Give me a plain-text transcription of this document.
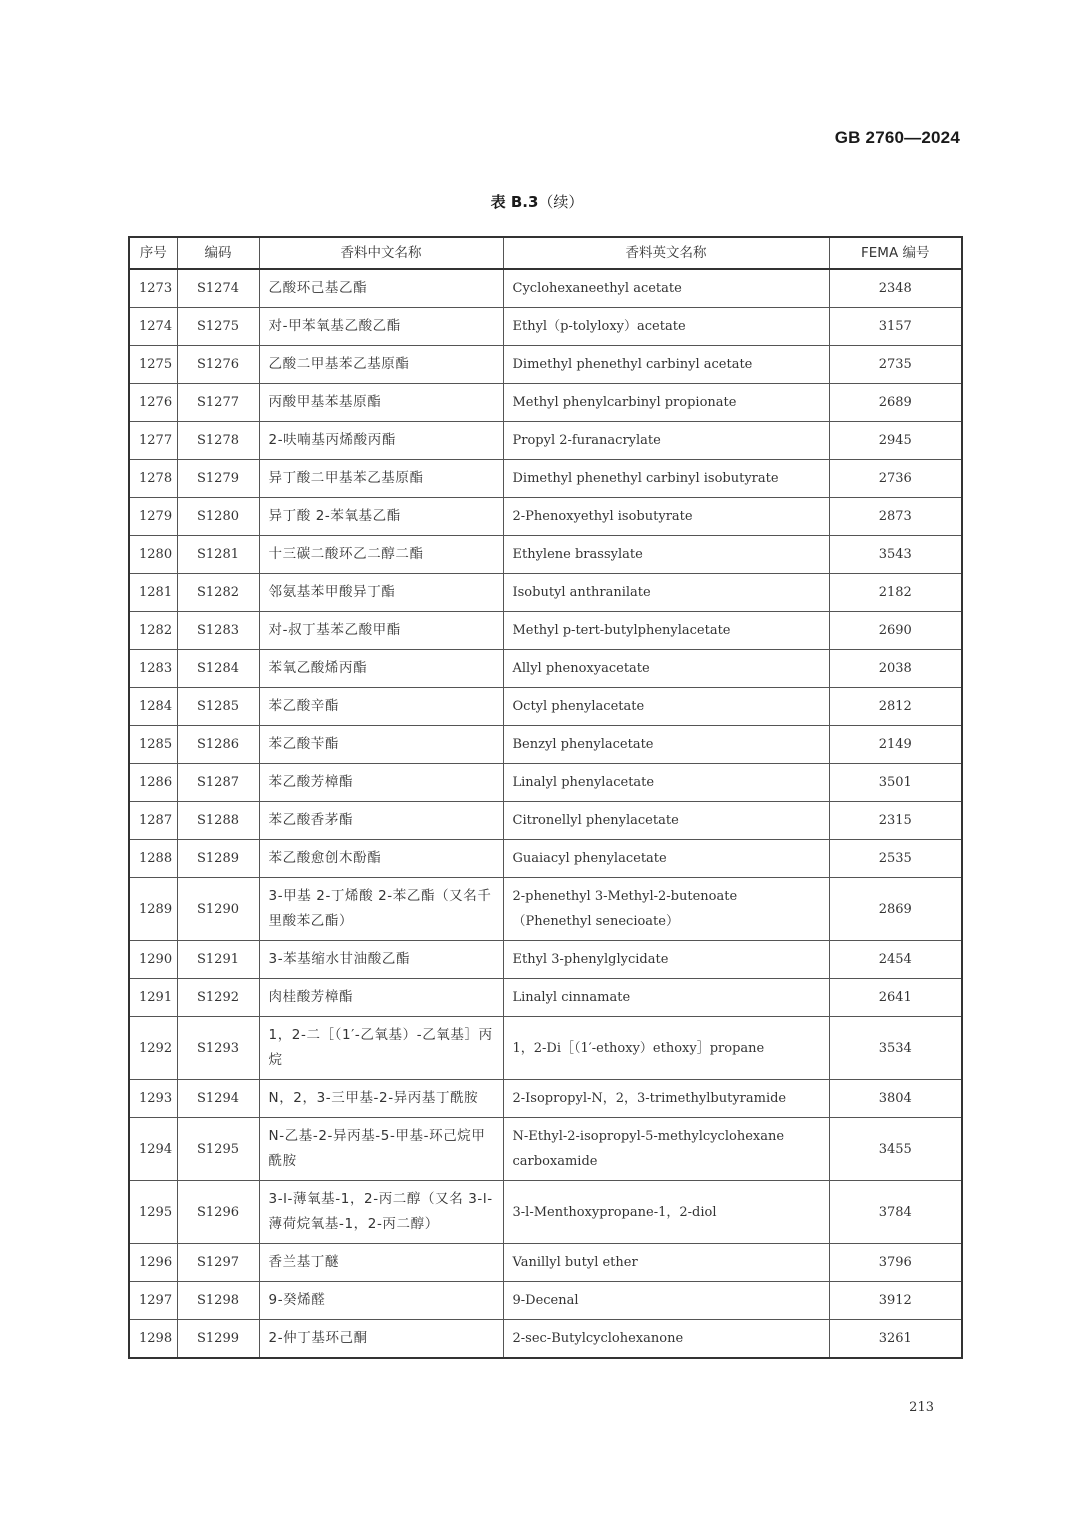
GB 2760—2024
表 B.3（续）
序号	编码	香料中文名称	香料英文名称	FEMA 编号
1273	S1274	乙酸环己基乙酯	Cyclohexaneethyl acetate	2348
1274	S1275	对-甲苯氧基乙酸乙酯	Ethyl（p-tolyloxy）acetate	3157
1275	S1276	乙酸二甲基苯乙基原酯	Dimethyl phenethyl carbinyl acetate	2735
1276	S1277	丙酸甲基苯基原酯	Methyl phenylcarbinyl propionate	2689
1277	S1278	2-呋喃基丙烯酸丙酯	Propyl 2-furanacrylate	2945
1278	S1279	异丁酸二甲基苯乙基原酯	Dimethyl phenethyl carbinyl isobutyrate	2736
1279	S1280	异丁酸 2-苯氧基乙酯	2-Phenoxyethyl isobutyrate	2873
1280	S1281	十三碳二酸环乙二醇二酯	Ethylene brassylate	3543
1281	S1282	邻氨基苯甲酸异丁酯	Isobutyl anthranilate	2182
1282	S1283	对-叔丁基苯乙酸甲酯	Methyl p-tert-butylphenylacetate	2690
1283	S1284	苯氧乙酸烯丙酯	Allyl phenoxyacetate	2038
1284	S1285	苯乙酸辛酯	Octyl phenylacetate	2812
1285	S1286	苯乙酸苄酯	Benzyl phenylacetate	2149
1286	S1287	苯乙酸芳樟酯	Linalyl phenylacetate	3501
1287	S1288	苯乙酸香茅酯	Citronellyl phenylacetate	2315
1288	S1289	苯乙酸愈创木酚酯	Guaiacyl phenylacetate	2535
1289	S1290	3-甲基 2-丁烯酸 2-苯乙酯（又名千里酸苯乙酯）	2-phenethyl 3-Methyl-2-butenoate （Phenethyl senecioate）	2869
1290	S1291	3-苯基缩水甘油酸乙酯	Ethyl 3-phenylglycidate	2454
1291	S1292	肉桂酸芳樟酯	Linalyl cinnamate	2641
1292	S1293	1，2-二［（1′-乙氧基）-乙氧基］丙烷	1，2-Di［（1′-ethoxy）ethoxy］propane	3534
1293	S1294	N，2，3-三甲基-2-异丙基丁酰胺	2-Isopropyl-N，2，3-trimethylbutyramide	3804
1294	S1295	N-乙基-2-异丙基-5-甲基-环己烷甲酰胺	N-Ethyl-2-isopropyl-5-methylcyclohexane carboxamide	3455
1295	S1296	3-l-薄氧基-1，2-丙二醇（又名 3-l-薄荷烷氧基-1，2-丙二醇）	3-l-Menthoxypropane-1，2-diol	3784
1296	S1297	香兰基丁醚	Vanillyl butyl ether	3796
1297	S1298	9-癸烯醛	9-Decenal	3912
1298	S1299	2-仲丁基环己酮	2-sec-Butylcyclohexanone	3261
213
